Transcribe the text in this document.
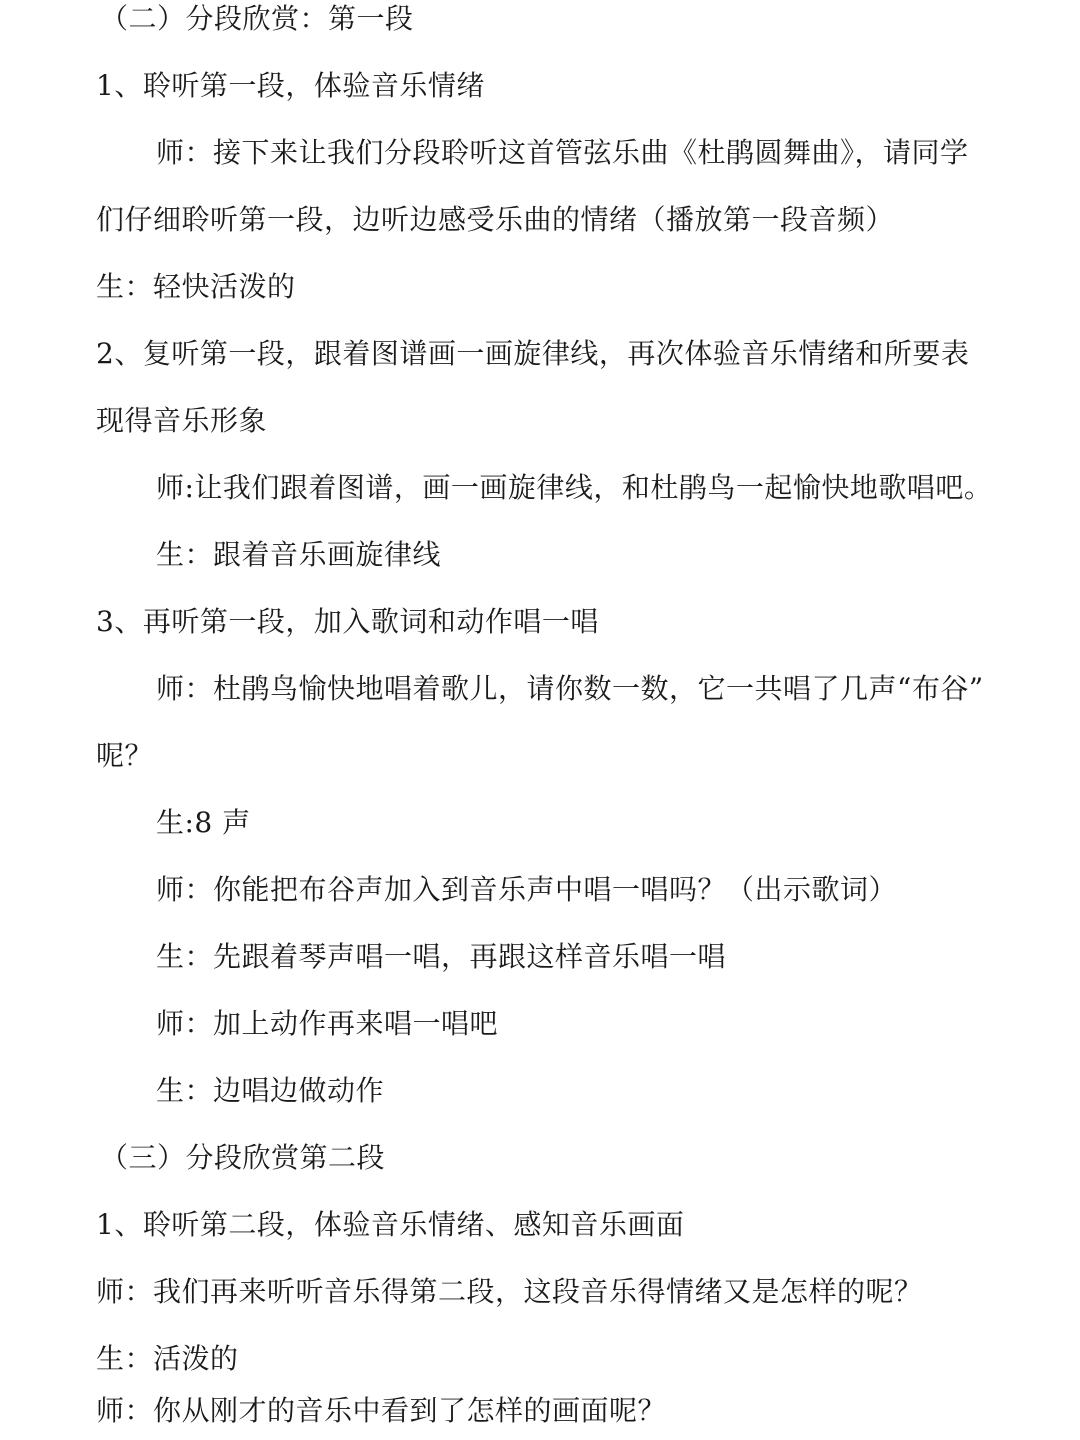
（二）分段欣赏：第一段
1、聆听第一段，体验音乐情绪
师：接下来让我们分段聆听这首管弦乐曲《杜鹃圆舞曲》，请同学
们仔细聆听第一段，边听边感受乐曲的情绪（播放第一段音频）
生：轻快活泼的
2、复听第一段，跟着图谱画一画旋律线，再次体验音乐情绪和所要表
现得音乐形象
师:让我们跟着图谱，画一画旋律线，和杜鹃鸟一起愉快地歌唱吧。
生：跟着音乐画旋律线
3、再听第一段，加入歌词和动作唱一唱
师：杜鹃鸟愉快地唱着歌儿，请你数一数，它一共唱了几声“布谷”
呢？
生:8 声
师：你能把布谷声加入到音乐声中唱一唱吗？（出示歌词）
生：先跟着琴声唱一唱，再跟这样音乐唱一唱
师：加上动作再来唱一唱吧
生：边唱边做动作
（三）分段欣赏第二段
1、聆听第二段，体验音乐情绪、感知音乐画面
师：我们再来听听音乐得第二段，这段音乐得情绪又是怎样的呢？
生：活泼的
师：你从刚才的音乐中看到了怎样的画面呢？
